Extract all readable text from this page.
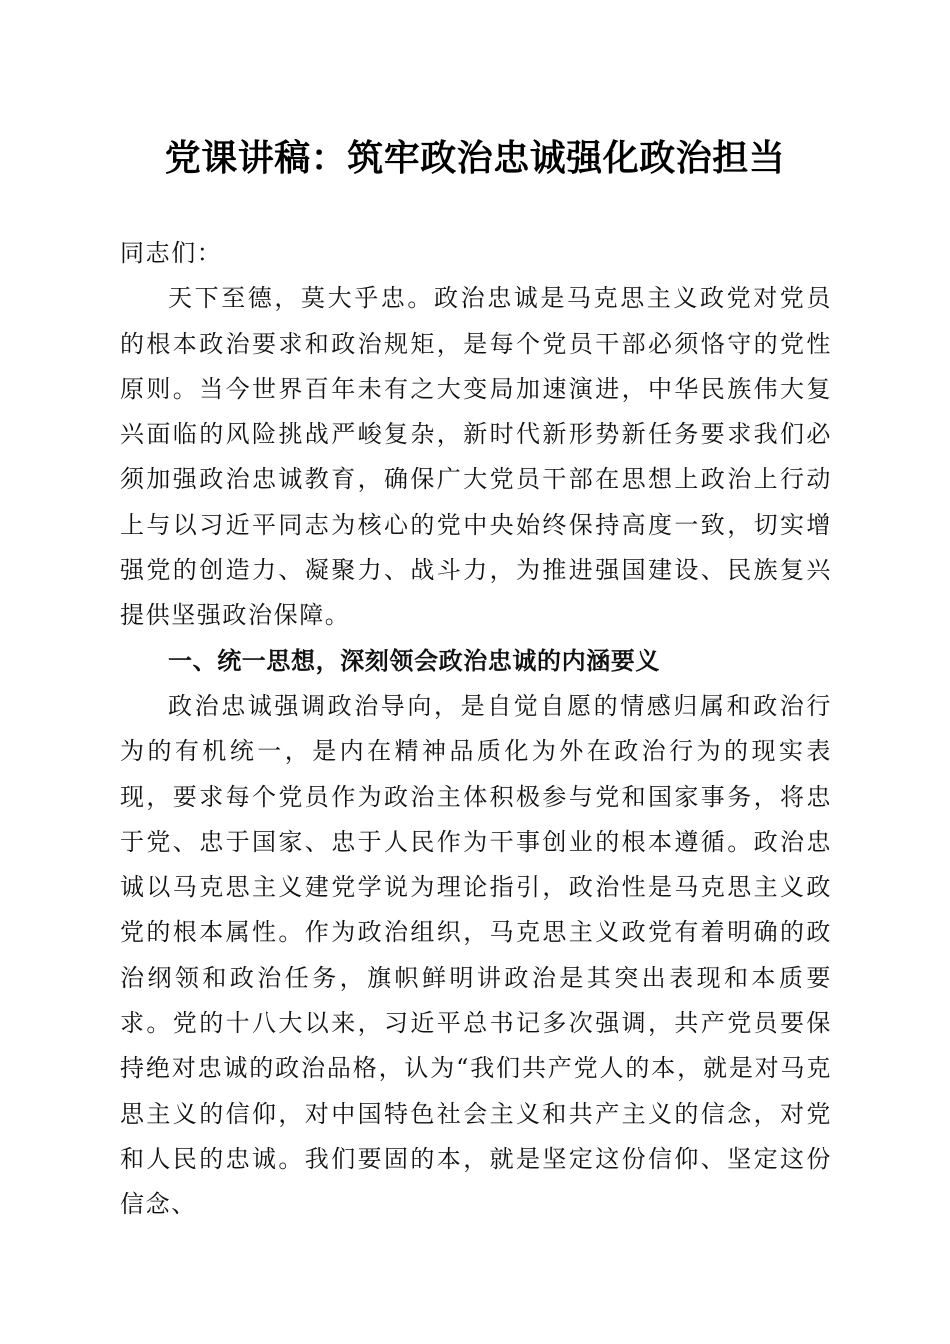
党课讲稿：筑牢政治忠诚强化政治担当

同志们：

天下至德，莫大乎忠。政治忠诚是马克思主义政党对党员的根本政治要求和政治规矩，是每个党员干部必须恪守的党性原则。当今世界百年未有之大变局加速演进，中华民族伟大复兴面临的风险挑战严峻复杂，新时代新形势新任务要求我们必须加强政治忠诚教育，确保广大党员干部在思想上政治上行动上与以习近平同志为核心的党中央始终保持高度一致，切实增强党的创造力、凝聚力、战斗力，为推进强国建设、民族复兴提供坚强政治保障。

一、统一思想，深刻领会政治忠诚的内涵要义

政治忠诚强调政治导向，是自觉自愿的情感归属和政治行为的有机统一，是内在精神品质化为外在政治行为的现实表现，要求每个党员作为政治主体积极参与党和国家事务，将忠于党、忠于国家、忠于人民作为干事创业的根本遵循。政治忠诚以马克思主义建党学说为理论指引，政治性是马克思主义政党的根本属性。作为政治组织，马克思主义政党有着明确的政治纲领和政治任务，旗帜鲜明讲政治是其突出表现和本质要求。党的十八大以来，习近平总书记多次强调，共产党员要保持绝对忠诚的政治品格，认为“我们共产党人的本，就是对马克思主义的信仰，对中国特色社会主义和共产主义的信念，对党和人民的忠诚。我们要固的本，就是坚定这份信仰、坚定这份信念、
